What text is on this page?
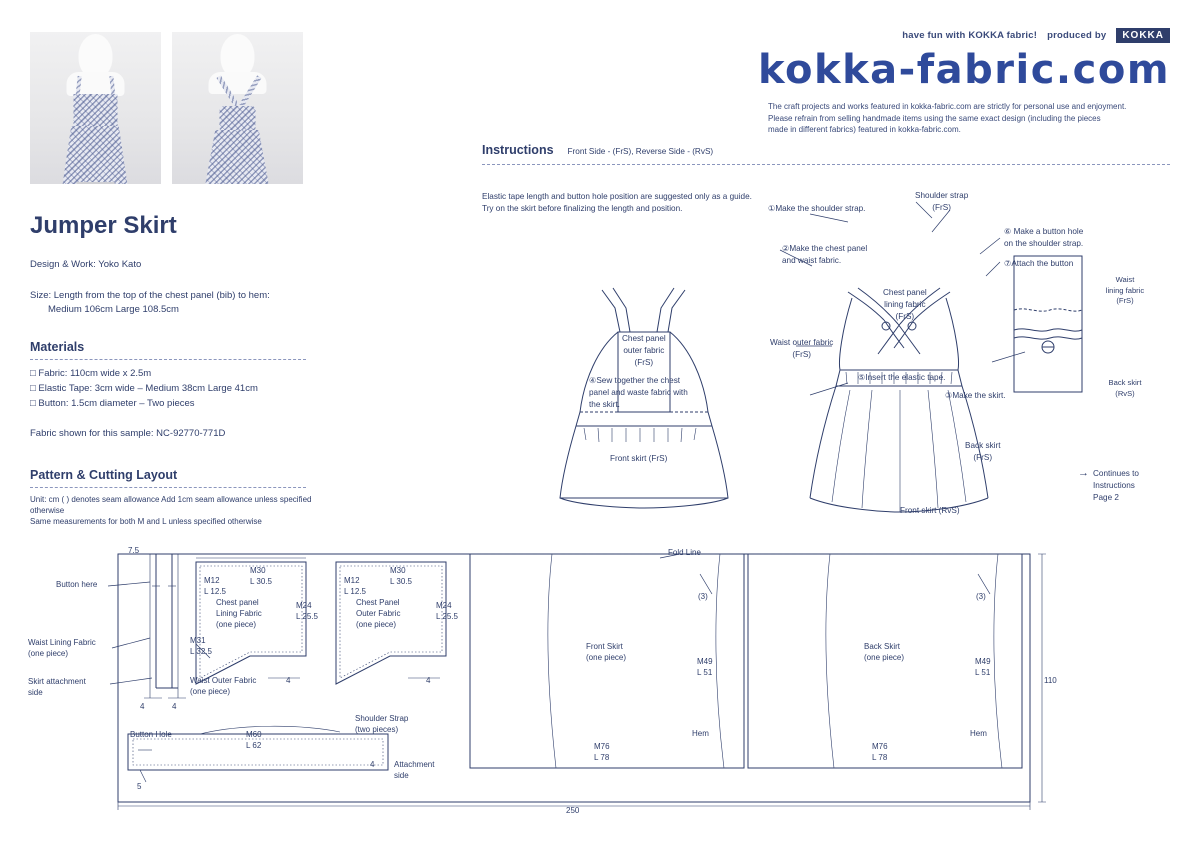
have fun with KOKKA fabric! produced by	KOKKA
kokka-fabric.com
The craft projects and works featured in kokka-fabric.com are strictly for personal use and enjoyment.
Please refrain from selling handmade items using the same exact design (including the pieces
made in different fabrics) featured in kokka-fabric.com.
Jumper Skirt
Design & Work: Yoko Kato
Size: Length from the top of the chest panel (bib) to hem:
Medium 106cm Large 108.5cm
Materials
□ Fabric: 110cm wide x 2.5m
□ Elastic Tape: 3cm wide – Medium 38cm Large 41cm
□ Button: 1.5cm diameter – Two pieces
Fabric shown for this sample: NC-92770-771D
Pattern & Cutting Layout
Unit: cm ( ) denotes seam allowance Add 1cm seam allowance unless specified otherwise
Same measurements for both M and L unless specified otherwise
Instructions Front Side - (FrS), Reverse Side - (RvS)
Elastic tape length and button hole position are suggested only as a guide.
Try on the skirt before finalizing the length and position.	①Make the shoulder strap.
②Make the chest panel
and waist fabric.
④Sew together the chest
panel and waste fabric with
the skirt.
⑤Insert the elastic tape.
③Make the skirt.
⑥ Make a button hole
on the shoulder strap.
⑦Attach the button
Chest panel
outer fabric
(FrS)
Front skirt (FrS)
Shoulder strap
(FrS)
Chest panel
lining fabric
(FrS)
Waist outer fabric
(FrS)
Back skirt
(FrS)
Front skirt (RvS)
Waist
lining fabric
(FrS)
Back skirt
(RvS)
→ Continues to
Instructions
Page 2
7.5	Fold Line
Button here
Waist Lining Fabric
(one piece)
Skirt attachment
side
M31
L 32.5
Waist Outer Fabric
(one piece)
M12
L 12.5
M30
L 30.5
Chest panel
Lining Fabric
(one piece)
M24
L 25.5
M12
L 12.5
M30
L 30.5
Chest Panel
Outer Fabric
(one piece)
M24
L 25.5
Front Skirt
(one piece)	M49
L 51
M76
L 78
Hem
(3)
Back Skirt
(one piece)	M49
L 51
M76
L 78
Hem
(3)
Button Hole
Shoulder Strap
(two pieces)
M60
L 62
Attachment
side
4	4
4	4
4
5
250
110
